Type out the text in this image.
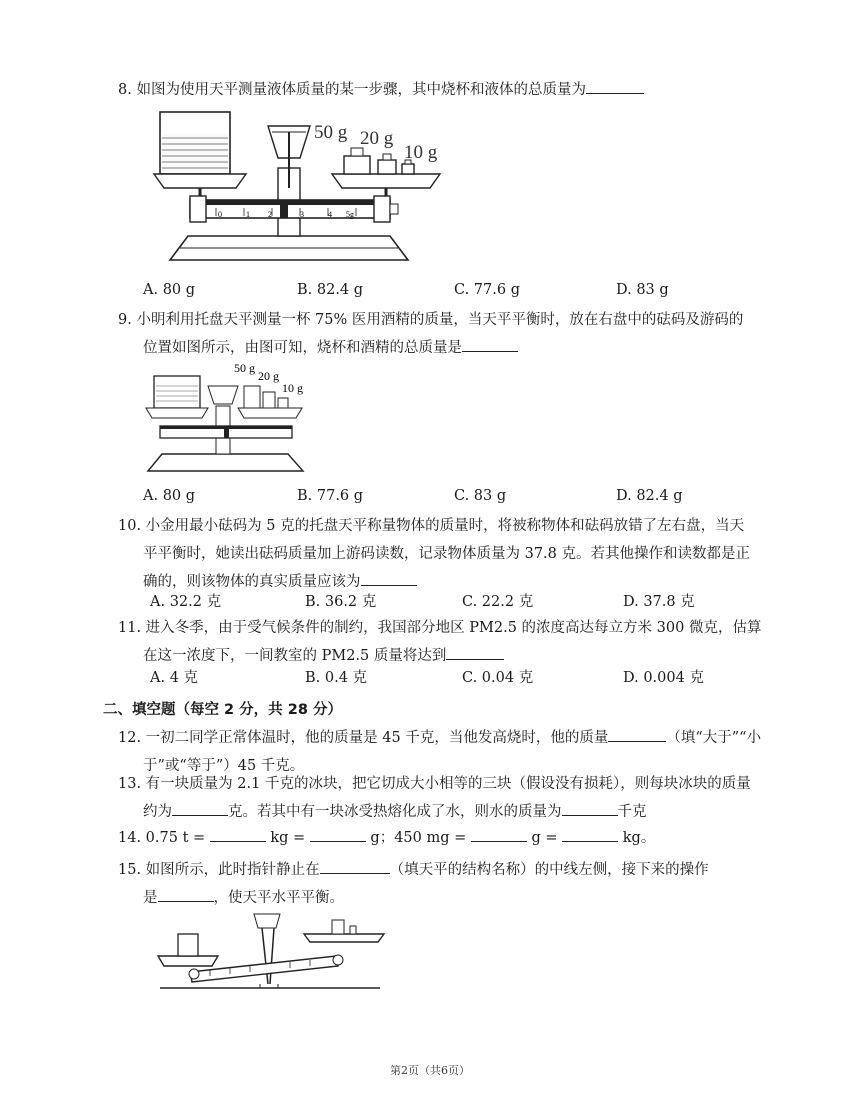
8. 如图为使用天平测量液体质量的某一步骤，其中烧杯和液体的总质量为
50 g 20 g
10 g
0	1 2	3	4 5g
A. 80 g	B. 82.4 g	C. 77.6 g	D. 83 g
9. 小明利用托盘天平测量一杯 75% 医用酒精的质量，当天平平衡时，放在右盘中的砝码及游码的
位置如图所示，由图可知，烧杯和酒精的总质量是
50 g
20 g
10 g
A. 80 g	B. 77.6 g	C. 83 g	D. 82.4 g
10. 小金用最小砝码为 5 克的托盘天平称量物体的质量时，将被称物体和砝码放错了左右盘，当天
平平衡时，她读出砝码质量加上游码读数，记录物体质量为 37.8 克。若其他操作和读数都是正
确的，则该物体的真实质量应该为
A. 32.2 克	B. 36.2 克	C. 22.2 克	D. 37.8 克
11. 进入冬季，由于受气候条件的制约，我国部分地区 PM2.5 的浓度高达每立方米 300 微克，估算
在这一浓度下，一间教室的 PM2.5 质量将达到
A. 4 克	B. 0.4 克	C. 0.04 克	D. 0.004 克
二、填空题（每空 2 分，共 28 分）
12. 一初二同学正常体温时，他的质量是 45 千克，当他发高烧时，他的质量	（填“大于”“小
于”或“等于”）45 千克。
13. 有一块质量为 2.1 千克的冰块，把它切成大小相等的三块（假设没有损耗），则每块冰块的质量
约为	克。若其中有一块冰受热熔化成了水，则水的质量为	千克
14. 0.75 t =	kg =	g；450 mg =	g =	kg。
15. 如图所示，此时指针静止在	（填天平的结构名称）的中线左侧，接下来的操作
是	，使天平水平平衡。
第2页（共6页）
